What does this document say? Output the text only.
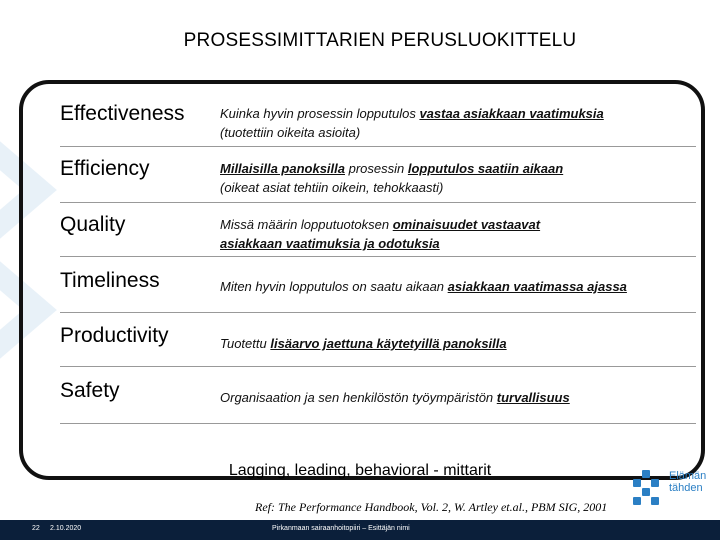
PROSESSIMITTARIEN PERUSLUOKITTELU
Effectiveness	Kuinka hyvin prosessin lopputulos vastaa asiakkaan vaatimuksia
(tuotettiin oikeita asioita)
Efficiency	Millaisilla panoksilla prosessin lopputulos saatiin aikaan
(oikeat asiat tehtiin oikein, tehokkaasti)
Quality	Missä määrin lopputuotoksen ominaisuudet vastaavat
asiakkaan vaatimuksia ja odotuksia
Timeliness	Miten hyvin lopputulos on saatu aikaan asiakkaan vaatimassa ajassa
Productivity	Tuotettu lisäarvo jaettuna käytetyillä panoksilla
Safety	Organisaation ja sen henkilöstön työympäristön turvallisuus
Lagging, leading, behavioral - mittarit
Ref: The Performance Handbook, Vol. 2, W. Artley et.al., PBM SIG, 2001
Elämän
tähden
22 2.10.2020	Pirkanmaan sairaanhoitopiiri – Esittäjän nimi
